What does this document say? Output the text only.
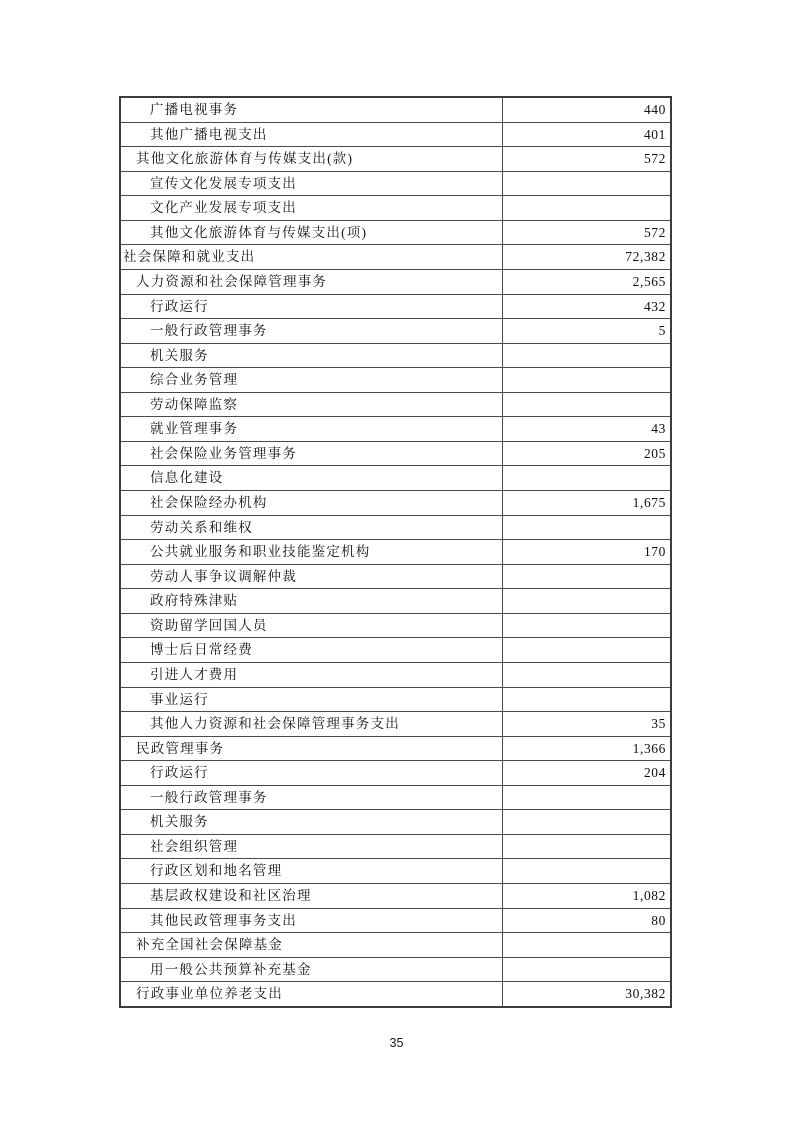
广播电视事务	440
其他广播电视支出	401
其他文化旅游体育与传媒支出(款)	572
宣传文化发展专项支出
文化产业发展专项支出
其他文化旅游体育与传媒支出(项)	572
社会保障和就业支出	72,382
人力资源和社会保障管理事务	2,565
行政运行	432
一般行政管理事务	5
机关服务
综合业务管理
劳动保障监察
就业管理事务	43
社会保险业务管理事务	205
信息化建设
社会保险经办机构	1,675
劳动关系和维权
公共就业服务和职业技能鉴定机构	170
劳动人事争议调解仲裁
政府特殊津贴
资助留学回国人员
博士后日常经费
引进人才费用
事业运行
其他人力资源和社会保障管理事务支出	35
民政管理事务	1,366
行政运行	204
一般行政管理事务
机关服务
社会组织管理
行政区划和地名管理
基层政权建设和社区治理	1,082
其他民政管理事务支出	80
补充全国社会保障基金
用一般公共预算补充基金
行政事业单位养老支出	30,382
35
